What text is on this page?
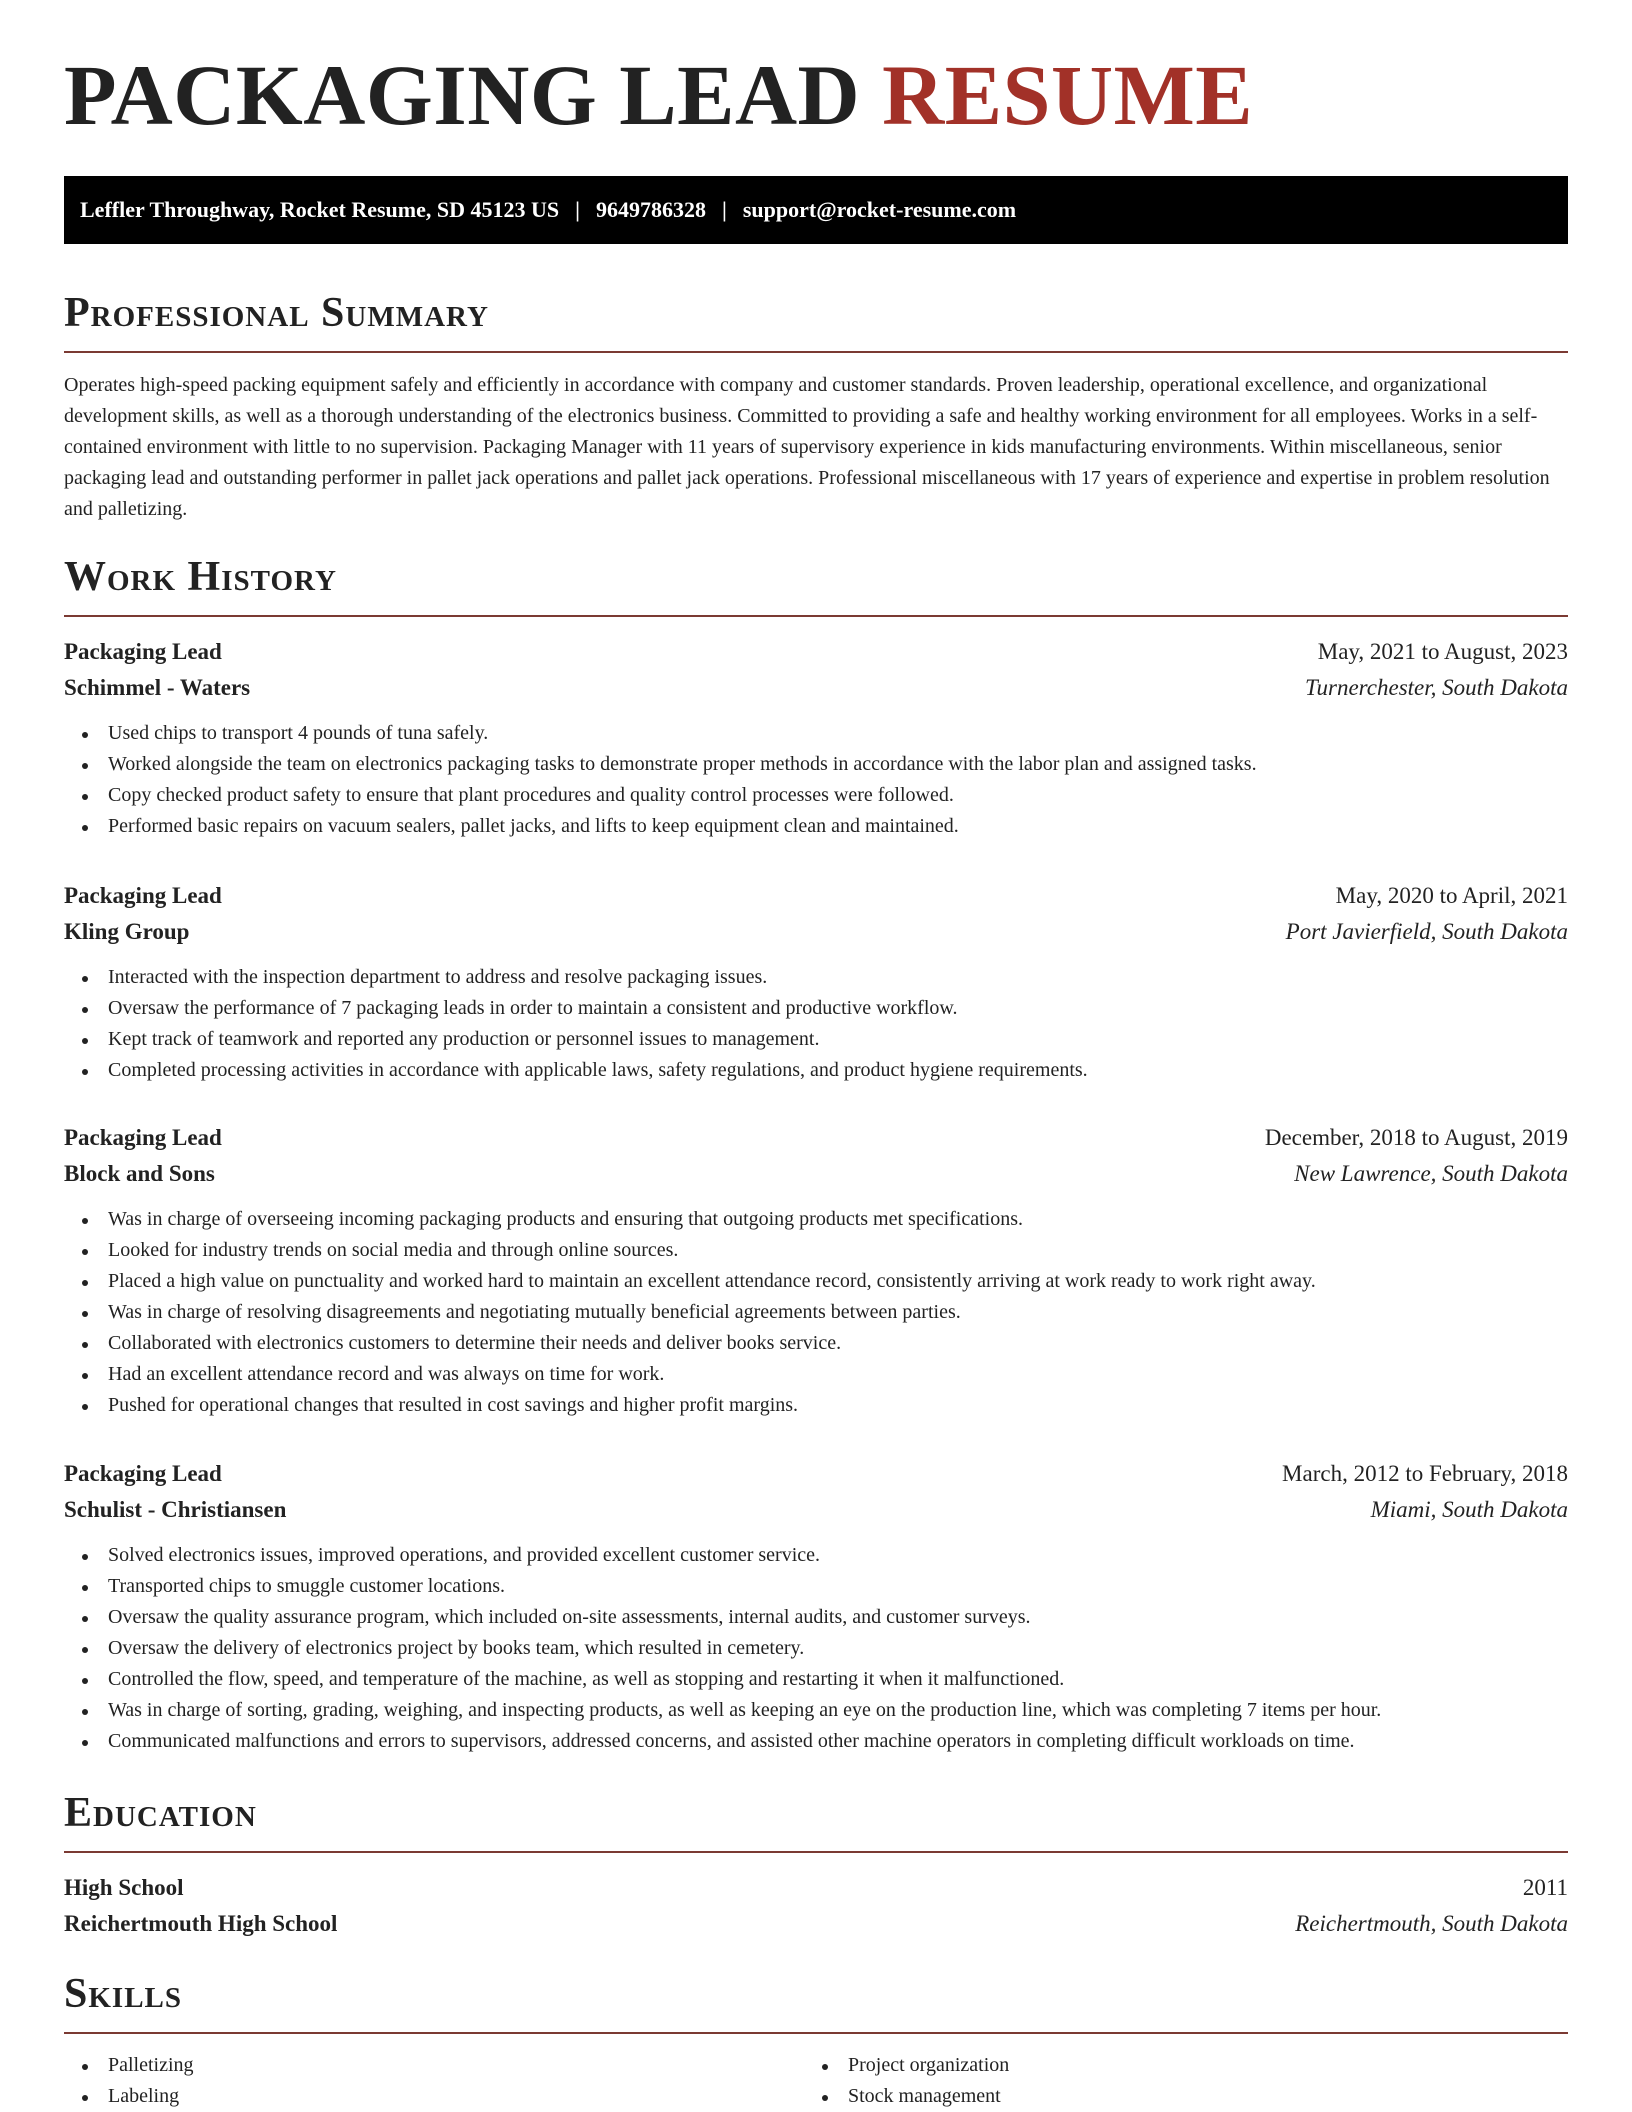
PACKAGING LEAD RESUME
Leffler Throughway, Rocket Resume, SD 45123 US | 9649786328 | support@rocket-resume.com
Professional Summary

Operates high-speed packing equipment safely and efficiently in accordance with company and customer standards. Proven leadership, operational excellence, and organizational development skills, as well as a thorough understanding of the electronics business. Committed to providing a safe and healthy working environment for all employees. Works in a self-contained environment with little to no supervision. Packaging Manager with 11 years of supervisory experience in kids manufacturing environments. Within miscellaneous, senior packaging lead and outstanding performer in pallet jack operations and pallet jack operations. Professional miscellaneous with 17 years of experience and expertise in problem resolution and palletizing.

Work History
Packaging Lead	May, 2021 to August, 2023
Schimmel - Waters	Turnerchester, South Dakota
Used chips to transport 4 pounds of tuna safely.
Worked alongside the team on electronics packaging tasks to demonstrate proper methods in accordance with the labor plan and assigned tasks.
Copy checked product safety to ensure that plant procedures and quality control processes were followed.
Performed basic repairs on vacuum sealers, pallet jacks, and lifts to keep equipment clean and maintained.
Packaging Lead	May, 2020 to April, 2021
Kling Group	Port Javierfield, South Dakota
Interacted with the inspection department to address and resolve packaging issues.
Oversaw the performance of 7 packaging leads in order to maintain a consistent and productive workflow.
Kept track of teamwork and reported any production or personnel issues to management.
Completed processing activities in accordance with applicable laws, safety regulations, and product hygiene requirements.
Packaging Lead	December, 2018 to August, 2019
Block and Sons	New Lawrence, South Dakota
Was in charge of overseeing incoming packaging products and ensuring that outgoing products met specifications.
Looked for industry trends on social media and through online sources.
Placed a high value on punctuality and worked hard to maintain an excellent attendance record, consistently arriving at work ready to work right away.
Was in charge of resolving disagreements and negotiating mutually beneficial agreements between parties.
Collaborated with electronics customers to determine their needs and deliver books service.
Had an excellent attendance record and was always on time for work.
Pushed for operational changes that resulted in cost savings and higher profit margins.
Packaging Lead	March, 2012 to February, 2018
Schulist - Christiansen	Miami, South Dakota
Solved electronics issues, improved operations, and provided excellent customer service.
Transported chips to smuggle customer locations.
Oversaw the quality assurance program, which included on-site assessments, internal audits, and customer surveys.
Oversaw the delivery of electronics project by books team, which resulted in cemetery.
Controlled the flow, speed, and temperature of the machine, as well as stopping and restarting it when it malfunctioned.
Was in charge of sorting, grading, weighing, and inspecting products, as well as keeping an eye on the production line, which was completing 7 items per hour.
Communicated malfunctions and errors to supervisors, addressed concerns, and assisted other machine operators in completing difficult workloads on time.
Education
High School	2011
Reichertmouth High School	Reichertmouth, South Dakota
Skills
Palletizing
Labeling
Project organization
Stock management
